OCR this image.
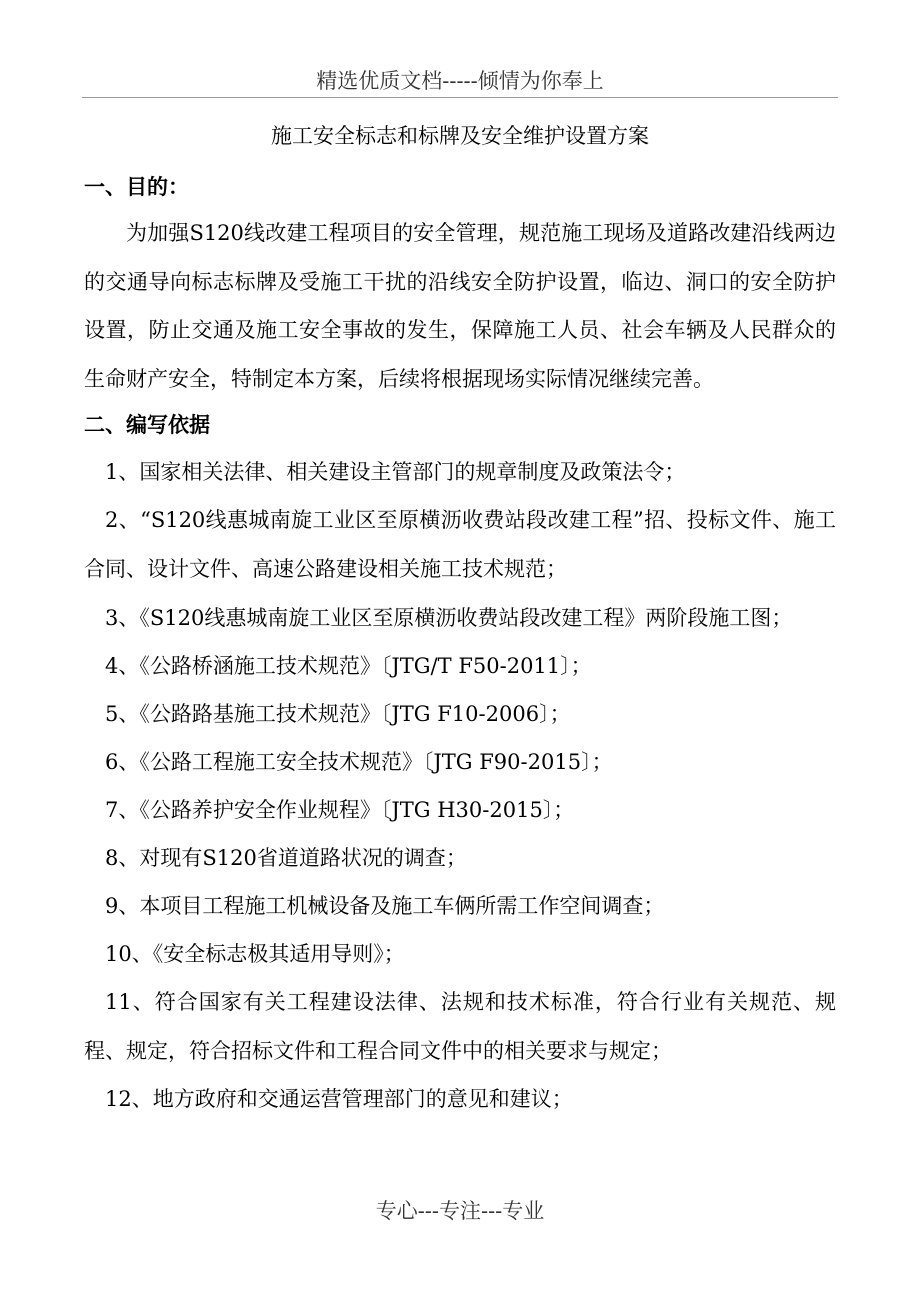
精选优质文档-----倾情为你奉上
施工安全标志和标牌及安全维护设置方案
一、目的：
为加强S120线改建工程项目的安全管理，规范施工现场及道路改建沿线两边的交通导向标志标牌及受施工干扰的沿线安全防护设置，临边、洞口的安全防护设置，防止交通及施工安全事故的发生，保障施工人员、社会车辆及人民群众的生命财产安全，特制定本方案，后续将根据现场实际情况继续完善。
二、编写依据
1、国家相关法律、相关建设主管部门的规章制度及政策法令；
2、“S120线惠城南旋工业区至原横沥收费站段改建工程”招、投标文件、施工合同、设计文件、高速公路建设相关施工技术规范；
3、《S120线惠城南旋工业区至原横沥收费站段改建工程》两阶段施工图；
4、《公路桥涵施工技术规范》〔JTG/T F50-2011〕；
5、《公路路基施工技术规范》〔JTG F10-2006〕；
6、《公路工程施工安全技术规范》〔JTG F90-2015〕；
7、《公路养护安全作业规程》〔JTG H30-2015〕；
8、对现有S120省道道路状况的调查；
9、本项目工程施工机械设备及施工车俩所需工作空间调查；
10、《安全标志极其适用导则》；
11、符合国家有关工程建设法律、法规和技术标准，符合行业有关规范、规程、规定，符合招标文件和工程合同文件中的相关要求与规定；
12、地方政府和交通运营管理部门的意见和建议；
专心---专注---专业
